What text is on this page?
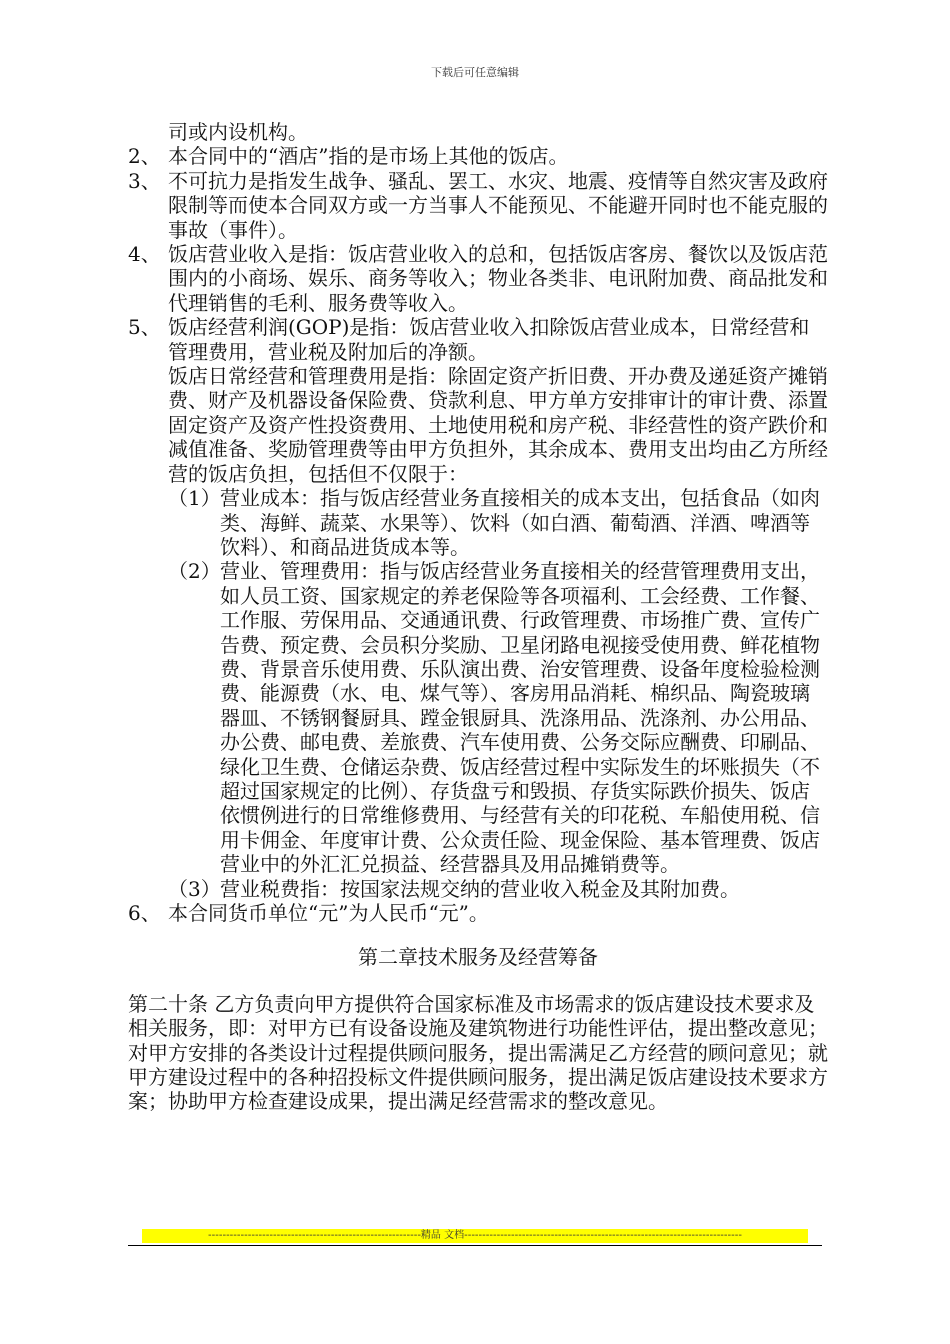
下载后可任意编辑
司或内设机构。
2、 本合同中的“酒店”指的是市场上其他的饭店。
3、 不可抗力是指发生战争、骚乱、罢工、水灾、地震、疫情等自然灾害及政府限制等而使本合同双方或一方当事人不能预见、不能避开同时也不能克服的事故（事件）。
4、 饭店营业收入是指：饭店营业收入的总和，包括饭店客房、餐饮以及饭店范围内的小商场、娱乐、商务等收入；物业各类非、电讯附加费、商品批发和代理销售的毛利、服务费等收入。
5、 饭店经营利润(GOP)是指：饭店营业收入扣除饭店营业成本，日常经营和管理费用，营业税及附加后的净额。
饭店日常经营和管理费用是指：除固定资产折旧费、开办费及递延资产摊销费、财产及机器设备保险费、贷款利息、甲方单方安排审计的审计费、添置固定资产及资产性投资费用、土地使用税和房产税、非经营性的资产跌价和减值准备、奖励管理费等由甲方负担外，其余成本、费用支出均由乙方所经营的饭店负担，包括但不仅限于：
（1） 营业成本：指与饭店经营业务直接相关的成本支出，包括食品（如肉类、海鲜、蔬菜、水果等）、饮料（如白酒、葡萄酒、洋酒、啤酒等饮料）、和商品进货成本等。
（2） 营业、管理费用：指与饭店经营业务直接相关的经营管理费用支出，如人员工资、国家规定的养老保险等各项福利、工会经费、工作餐、工作服、劳保用品、交通通讯费、行政管理费、市场推广费、宣传广告费、预定费、会员积分奖励、卫星闭路电视接受使用费、鲜花植物费、背景音乐使用费、乐队演出费、治安管理费、设备年度检验检测费、能源费（水、电、煤气等）、客房用品消耗、棉织品、陶瓷玻璃器皿、不锈钢餐厨具、蹚金银厨具、洗涤用品、洗涤剂、办公用品、办公费、邮电费、差旅费、汽车使用费、公务交际应酬费、印刷品、绿化卫生费、仓储运杂费、饭店经营过程中实际发生的坏账损失（不超过国家规定的比例）、存货盘亏和毁损、存货实际跌价损失、饭店依惯例进行的日常维修费用、与经营有关的印花税、车船使用税、信用卡佣金、年度审计费、公众责任险、现金保险、基本管理费、饭店营业中的外汇汇兑损益、经营器具及用品摊销费等。
（3） 营业税费指：按国家法规交纳的营业收入税金及其附加费。
6、 本合同货币单位“元”为人民币“元”。
第二章技术服务及经营筹备
第二十条 乙方负责向甲方提供符合国家标准及市场需求的饭店建设技术要求及相关服务，即：对甲方已有设备设施及建筑物进行功能性评估，提出整改意见；对甲方安排的各类设计过程提供顾问服务，提出需满足乙方经营的顾问意见；就甲方建设过程中的各种招投标文件提供顾问服务，提出满足饭店建设技术要求方案；协助甲方检查建设成果，提出满足经营需求的整改意见。
-----------------------------------------------------------精品 文档-----------------------------------------------------------------------------
